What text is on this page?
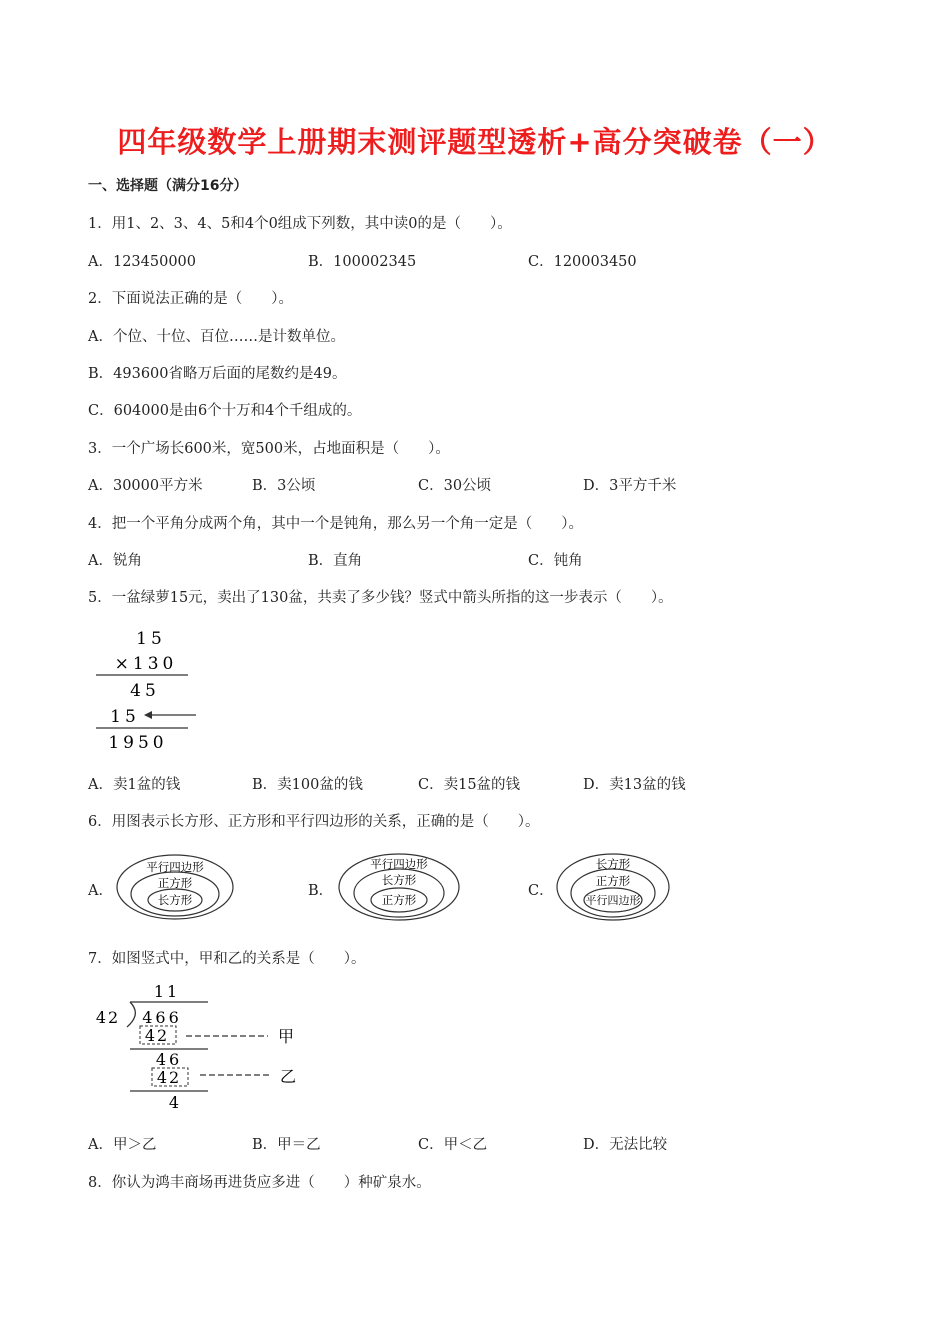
四年级数学上册期末测评题型透析+高分突破卷（一）
一、选择题（满分16分）
1．用1、2、3、4、5和4个0组成下列数，其中读0的是（　　）。
A．123450000	B．100002345	C．120003450
2．下面说法正确的是（　　）。
A．个位、十位、百位……是计数单位。
B．493600省略万后面的尾数约是49。
C．604000是由6个十万和4个千组成的。
3．一个广场长600米，宽500米，占地面积是（　　）。
A．30000平方米	B．3公顷	C．30公顷	D．3平方千米
4．把一个平角分成两个角，其中一个是钝角，那么另一个角一定是（　　）。
A．锐角	B．直角	C．钝角
5．一盆绿萝15元，卖出了130盆，共卖了多少钱？竖式中箭头所指的这一步表示（　　）。
15
×130
45
15
1950
A．卖1盆的钱	B．卖100盆的钱	C．卖15盆的钱	D．卖13盆的钱
6．用图表示长方形、正方形和平行四边形的关系，正确的是（　　）。
A．
平行四边形
正方形
长方形
B．
平行四边形
长方形
正方形
C．
长方形
正方形
平行四边形
7．如图竖式中，甲和乙的关系是（　　）。
11
42 466
42	甲
46
42	乙
4
A．甲＞乙	B．甲＝乙	C．甲＜乙	D．无法比较
8．你认为鸿丰商场再进货应多进（　　）种矿泉水。
